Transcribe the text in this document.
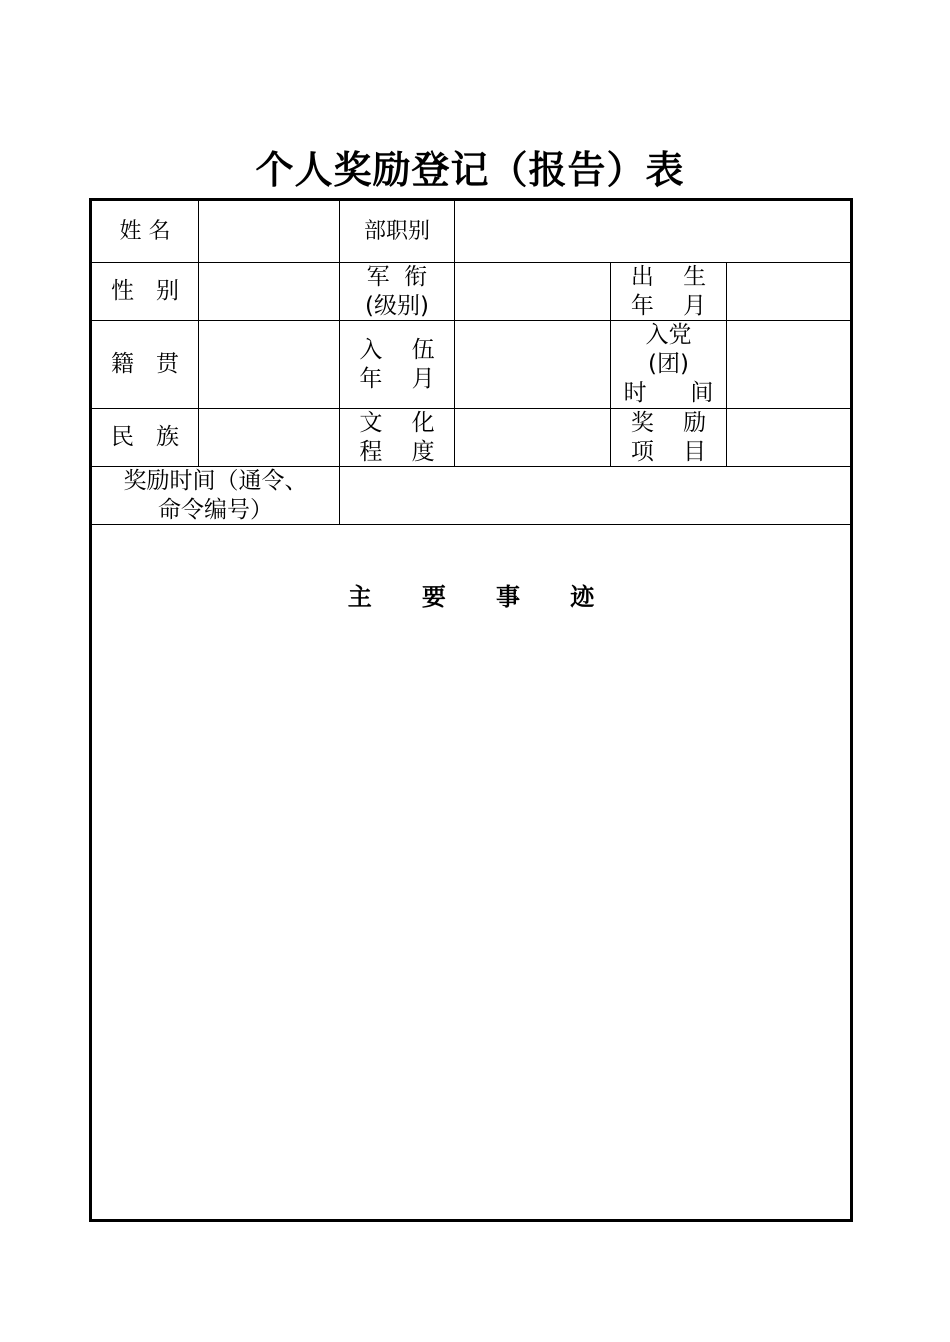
个人奖励登记（报告）表
姓 名	部职别
性   别
军  衔
(级别)
出    生
年    月
籍   贯
入    伍
年    月
入党
(团)
时      间
民   族
文    化
程    度
奖    励
项    目
奖励时间（通令、
命令编号）
主      要      事      迹
